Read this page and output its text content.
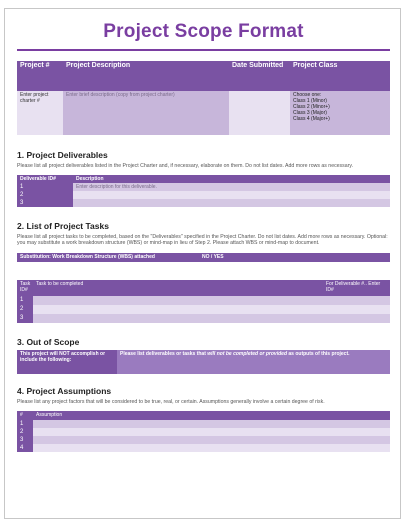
Project Scope Format
Project #	Project Description	Date Submitted	Project Class
Enter project charter #	Enter brief description (copy from project charter)		Choose one:
Class 1 (Minor)
Class 2 (Minor+)
Class 3 (Major)
Class 4 (Major+)
1. Project Deliverables
Please list all project deliverables listed in the Project Charter and, if necessary, elaborate on them. Do not list dates. Add more rows as necessary.
Deliverable ID#	Description
1	Enter description for this deliverable.
2	
3	
2. List of Project Tasks
Please list all project tasks to be completed, based on the "Deliverables" specified in the Project Charter. Do not list dates. Add more rows as necessary. Optional: you may substitute a work breakdown structure (WBS) or mind-map in lieu of Step 2. Please attach WBS or mind-map to document.
Substitution: Work Breakdown Structure (WBS) attached	NO / YES
Task ID#	Task to be completed	For Deliverable #.. Enter ID#
1		
2		
3		
3. Out of Scope
This project will NOT accomplish or include the following:	Please list deliverables or tasks that will not be completed or provided as outputs of this project.
4. Project Assumptions
Please list any project factors that will be considered to be true, real, or certain. Assumptions generally involve a certain degree of risk.
#	Assumption
1	
2	
3	
4	
